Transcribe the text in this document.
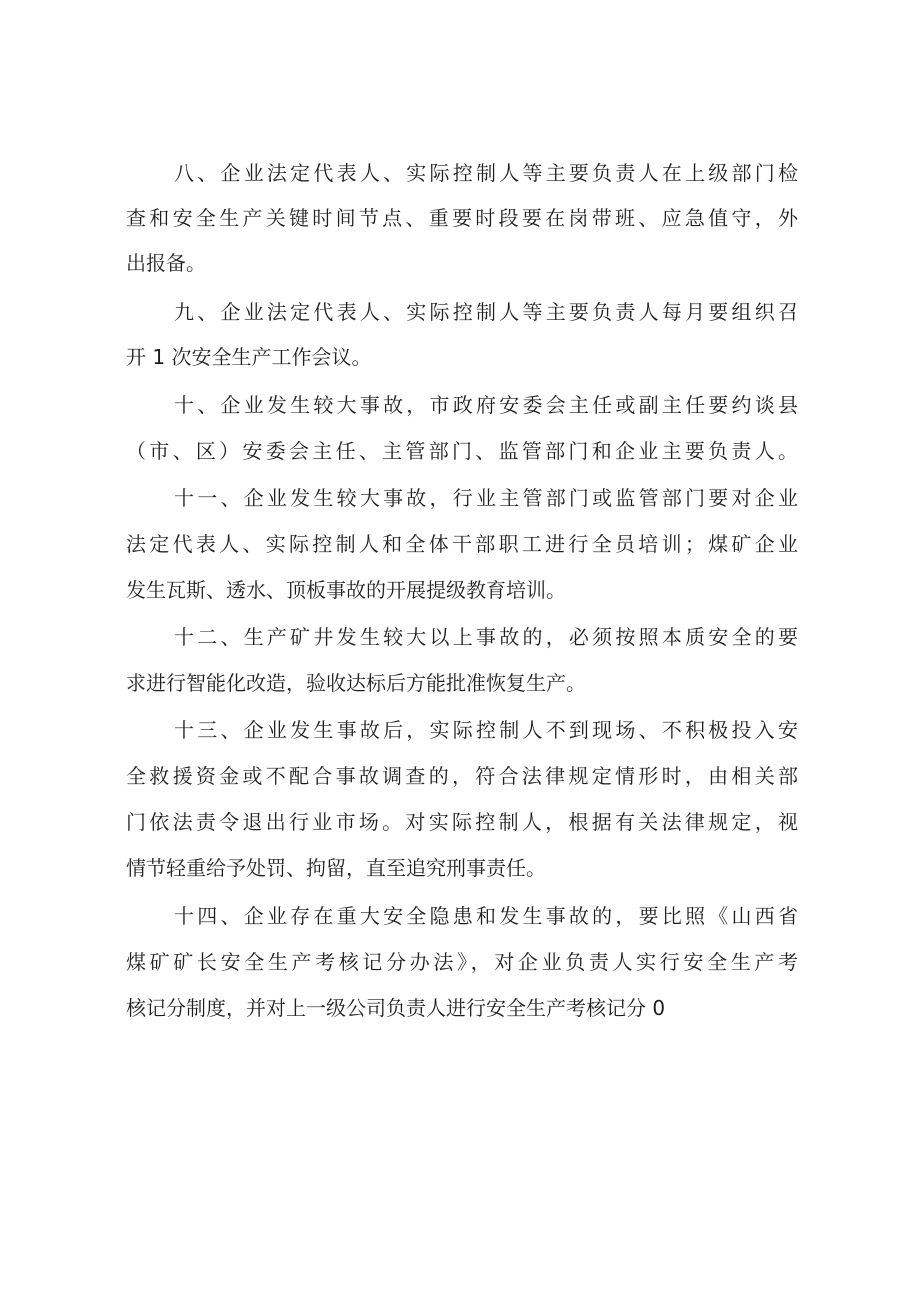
八、企业法定代表人、实际控制人等主要负责人在上级部门检
查和安全生产关键时间节点、重要时段要在岗带班、应急值守，外
出报备。
九、企业法定代表人、实际控制人等主要负责人每月要组织召
开 1 次安全生产工作会议。
十、企业发生较大事故，市政府安委会主任或副主任要约谈县
（市、区）安委会主任、主管部门、监管部门和企业主要负责人。
十一、企业发生较大事故，行业主管部门或监管部门要对企业
法定代表人、实际控制人和全体干部职工进行全员培训；煤矿企业
发生瓦斯、透水、顶板事故的开展提级教育培训。
十二、生产矿井发生较大以上事故的，必须按照本质安全的要
求进行智能化改造，验收达标后方能批准恢复生产。
十三、企业发生事故后，实际控制人不到现场、不积极投入安
全救援资金或不配合事故调查的，符合法律规定情形时，由相关部
门依法责令退出行业市场。对实际控制人，根据有关法律规定，视
情节轻重给予处罚、拘留，直至追究刑事责任。
十四、企业存在重大安全隐患和发生事故的，要比照《山西省
煤矿矿长安全生产考核记分办法》，对企业负责人实行安全生产考
核记分制度，并对上一级公司负责人进行安全生产考核记分 0
